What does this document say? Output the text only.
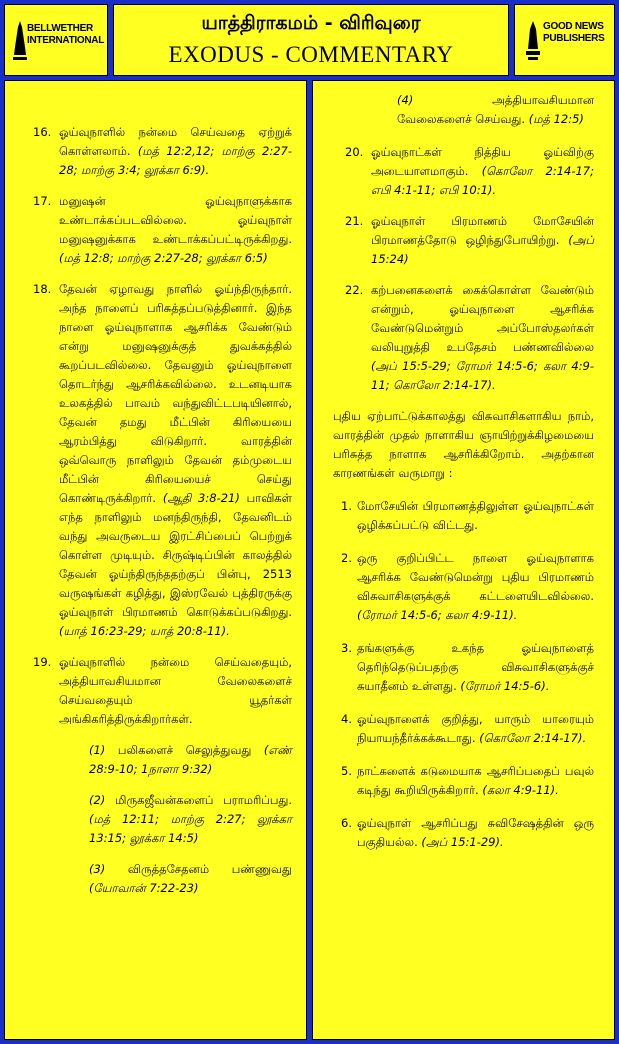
BELLWETHER
INTERNATIONAL
யாத்திராகமம் - விரிவுரை
EXODUS - COMMENTARY
GOOD NEWS
PUBLISHERS
16. ஓய்வுநாளில் நன்மை செய்வதை ஏற்றுக் கொள்ளலாம். (மத் 12:2,12; மாற்கு 2:27-28; மாற்கு 3:4; லூக்கா 6:9).
17. மனுஷன் ஓய்வுநாளுக்காக உண்டாக்கப்படவில்லை. ஓய்வுநாள் மனுஷனுக்காக உண்டாக்கப்பட்டிருக்கிறது. (மத் 12:8; மாற்கு 2:27-28; லூக்கா 6:5)
18. தேவன் ஏழாவது நாளில் ஓய்ந்திருந்தார். அந்த நாளைப் பரிசுத்தப்படுத்தினார். இந்த நாளை ஓய்வுநாளாக ஆசரிக்க வேண்டும் என்று மனுஷனுக்குத் துவக்கத்தில் கூறப்படவில்லை. தேவனும் ஓய்வுநாளை தொடர்ந்து ஆசரிக்கவில்லை. உடனடியாக உலகத்தில் பாவம் வந்துவிட்டபடியினால், தேவன் தமது மீட்பின் கிரியையை ஆரம்பித்து விடுகிறார். வாரத்தின் ஒவ்வொரு நாளிலும் தேவன் தம்முடைய மீட்பின் கிரியையைச் செய்து கொண்டிருக்கிறார். (ஆதி 3:8-21) பாவிகள் எந்த நாளிலும் மனந்திருந்தி, தேவனிடம் வந்து அவருடைய இரட்சிப்பைப் பெற்றுக் கொள்ள முடியும். சிருஷ்டிப்பின் காலத்தில் தேவன் ஓய்ந்திருந்ததற்குப் பின்பு, 2513 வருஷங்கள் கழித்து, இஸ்ரவேல் புத்திரருக்கு ஓய்வுநாள் பிரமாணம் கொடுக்கப்படுகிறது. (யாத் 16:23-29; யாத் 20:8-11).
19. ஓய்வுநாளில் நன்மை செய்வதையும், அத்தியாவசியமான வேலைகளைச் செய்வதையும் யூதர்கள் அங்கிகரித்திருக்கிறார்கள்.
(1) பலிகளைச் செலுத்துவது (எண் 28:9-10; 1நாளா 9:32)
(2) மிருகஜீவன்களைப் பராமரிப்பது. (மத் 12:11; மாற்கு 2:27; லூக்கா 13:15; லூக்கா 14:5)
(3) விருத்தசேதனம் பண்ணுவது (யோவான் 7:22-23)
(4)	அத்தியாவசியமான வேலைகளைச் செய்வது. (மத் 12:5)
20. ஓய்வுநாட்கள் நித்திய ஓய்விற்கு அடையாளமாகும். (கொலோ 2:14-17; எபி 4:1-11; எபி 10:1).
21. ஓய்வுநாள் பிரமாணம் மோசேயின் பிரமாணத்தோடு ஒழிந்துபோயிற்று. (அப் 15:24)
22. கற்பனைகளைக் கைக்கொள்ள வேண்டும் என்றும், ஓய்வுநாளை ஆசரிக்க வேண்டுமென்றும் அப்போஸ்தலர்கள் வலியுறுத்தி உபதேசம் பண்ணவில்லை (அப் 15:5-29; ரோமர் 14:5-6; கலா 4:9-11; கொலோ 2:14-17).
புதிய ஏற்பாட்டுக்காலத்து விசுவாசிகளாகிய நாம், வாரத்தின் முதல் நாளாகிய ஞாயிற்றுக்கிழமையை பரிசுத்த நாளாக ஆசரிக்கிறோம். அதற்கான காரணங்கள் வருமாறு :
1. மோசேயின் பிரமாணத்திலுள்ள ஓய்வுநாட்கள் ஒழிக்கப்பட்டு விட்டது.
2. ஒரு குறிப்பிட்ட நாளை ஓய்வுநாளாக ஆசரிக்க வேண்டுமென்று புதிய பிரமாணம் விசுவாசிகளுக்குக் கட்டளையிடவில்லை. (ரோமர் 14:5-6; கலா 4:9-11).
3. தங்களுக்கு உகந்த ஓய்வுநாளைத் தெரிந்தெடுப்பதற்கு விசுவாசிகளுக்குச் சுயாதீனம் உள்ளது. (ரோமர் 14:5-6).
4. ஓய்வுநாளைக் குறித்து, யாரும் யாரையும் நியாயந்தீர்க்கக்கூடாது. (கொலோ 2:14-17).
5. நாட்களைக் கடுமையாக ஆசரிப்பதைப் பவுல் கடிந்து கூறியிருக்கிறார். (கலா 4:9-11).
6. ஓய்வுநாள் ஆசரிப்பது சுவிசேஷத்தின் ஒரு பகுதியல்ல. (அப் 15:1-29).
